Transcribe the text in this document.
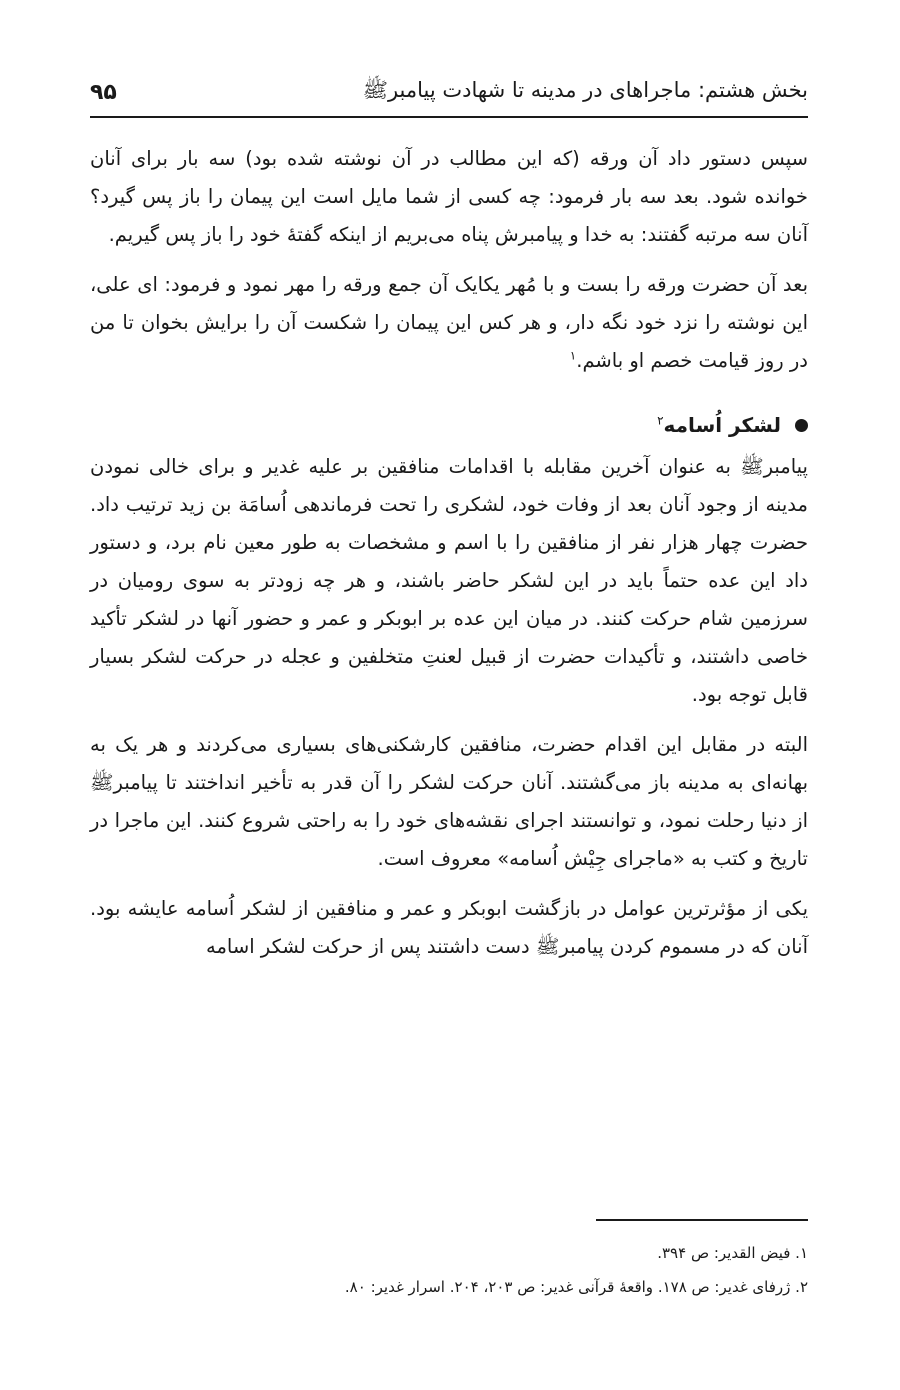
بخش هشتم: ماجراهای در مدینه تا شهادت پیامبرﷺ
۹۵

سپس دستور داد آن ورقه (که این مطالب در آن نوشته شده بود) سه بار برای آنان خوانده شود. بعد سه بار فرمود: چه کسی از شما مایل است این پیمان را باز پس گیرد؟ آنان سه مرتبه گفتند: به خدا و پیامبرش پناه می‌بریم از اینکه گفتهٔ خود را باز پس گیریم.

بعد آن حضرت ورقه را بست و با مُهر یکایک آن جمع ورقه را مهر نمود و فرمود: ای علی، این نوشته را نزد خود نگه دار، و هر کس این پیمان را شکست آن را برایش بخوان تا من در روز قیامت خصم او باشم.$^۱$

لشکر اُسامه$^۲$

پیامبرﷺ به عنوان آخرین مقابله با اقدامات منافقین بر علیه غدیر و برای خالی نمودن مدینه از وجود آنان بعد از وفات خود، لشکری را تحت فرماندهی اُسامَة بن زید ترتیب داد. حضرت چهار هزار نفر از منافقین را با اسم و مشخصات به طور معین نام برد، و دستور داد این عده حتماً باید در این لشکر حاضر باشند، و هر چه زودتر به سوی رومیان در سرزمین شام حرکت کنند. در میان این عده بر ابوبکر و عمر و حضور آنها در لشکر تأکید خاصی داشتند، و تأکیدات حضرت از قبیل لعنتِ متخلفین و عجله در حرکت لشکر بسیار قابل توجه بود.

البته در مقابل این اقدام حضرت، منافقین کارشکنی‌های بسیاری می‌کردند و هر یک به بهانه‌ای به مدینه باز می‌گشتند. آنان حرکت لشکر را آن قدر به تأخیر انداختند تا پیامبرﷺ از دنیا رحلت نمود، و توانستند اجرای نقشه‌های خود را به راحتی شروع کنند. این ماجرا در تاریخ و کتب به «ماجرای جِیْش اُسامه» معروف است.

یکی از مؤثرترین عوامل در بازگشت ابوبکر و عمر و منافقین از لشکر اُسامه عایشه بود. آنان که در مسموم کردن پیامبرﷺ دست داشتند پس از حرکت لشکر اسامه

۱. فیض القدیر: ص ۳۹۴.
۲. ژرفای غدیر: ص ۱۷۸. واقعهٔ قرآنی غدیر: ص ۲۰۳، ۲۰۴. اسرار غدیر: ۸۰.
